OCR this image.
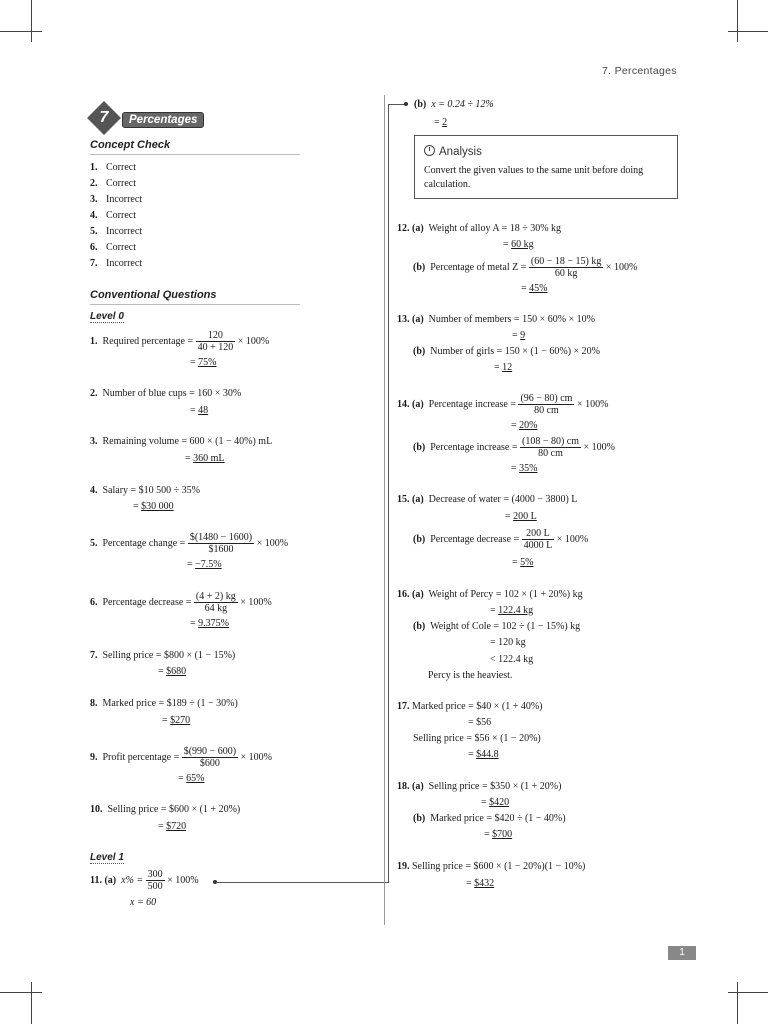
7. Percentages
7	Percentages
Concept Check
1. Correct
2. Correct
3. Incorrect
4. Correct
5. Incorrect
6. Correct
7. Incorrect
Conventional Questions
Level 0
1. Required percentage = $\frac{120}{40 + 120} \times 100\%$
= 75%
2. Number of blue cups = 160 × 30%
= 48
3. Remaining volume = 600 × (1 − 40%) mL
= 360 mL
4. Salary = $10 500 ÷ 35%
= $30 000
5. Percentage change = $\frac{\$(1480 - 1600)}{\$1600} \times 100\%$
= −7.5%
6. Percentage decrease = $\frac{(4 + 2) kg}{64 kg} \times 100\%$
= 9.375%
7. Selling price = $800 × (1 − 15%)
= $680
8. Marked price = $189 ÷ (1 − 30%)
= $270
9. Profit percentage = $\frac{\$(990 - 600)}{\$600} \times 100\%$
= 65%
10. Selling price = $600 × (1 + 20%)
= $720
Level 1
11. (a) $x\% = \frac{300}{500} \times 100\%$
x = 60
(b) x = 0.24 ÷ 12%
= 2
Analysis
Convert the given values to the same unit before doing
calculation.
12. (a) Weight of alloy A = 18 ÷ 30% kg
= 60 kg
(b) Percentage of metal $Z = \frac{(60 - 18 - 15) kg}{60 kg} \times 100\%$
= 45%
13. (a) Number of members = 150 × 60% × 10%
= 9
(b) Number of girls = 150 × (1 − 60%) × 20%
= 12
14. (a) Percentage increase = $\frac{(96 - 80) cm}{80 cm} \times 100\%$
= 20%
(b) Percentage increase = $\frac{(108 - 80) cm}{80 cm} \times 100\%$
= 35%
15. (a) Decrease of water = (4000 − 3800) L
= 200 L
(b) Percentage decrease = $\frac{200 L}{4000 L} \times 100\%$
= 5%
16. (a) Weight of Percy = 102 × (1 + 20%) kg
= 122.4 kg
(b) Weight of Cole = 102 ÷ (1 − 15%) kg
= 120 kg
< 122.4 kg
Percy is the heaviest.
17. Marked price = $40 × (1 + 40%)
= $56
Selling price = $56 × (1 − 20%)
= $44.8
18. (a) Selling price = $350 × (1 + 20%)
= $420
(b) Marked price = $420 ÷ (1 − 40%)
= $700
19. Selling price = $600 × (1 − 20%)(1 − 10%)
= $432
1
